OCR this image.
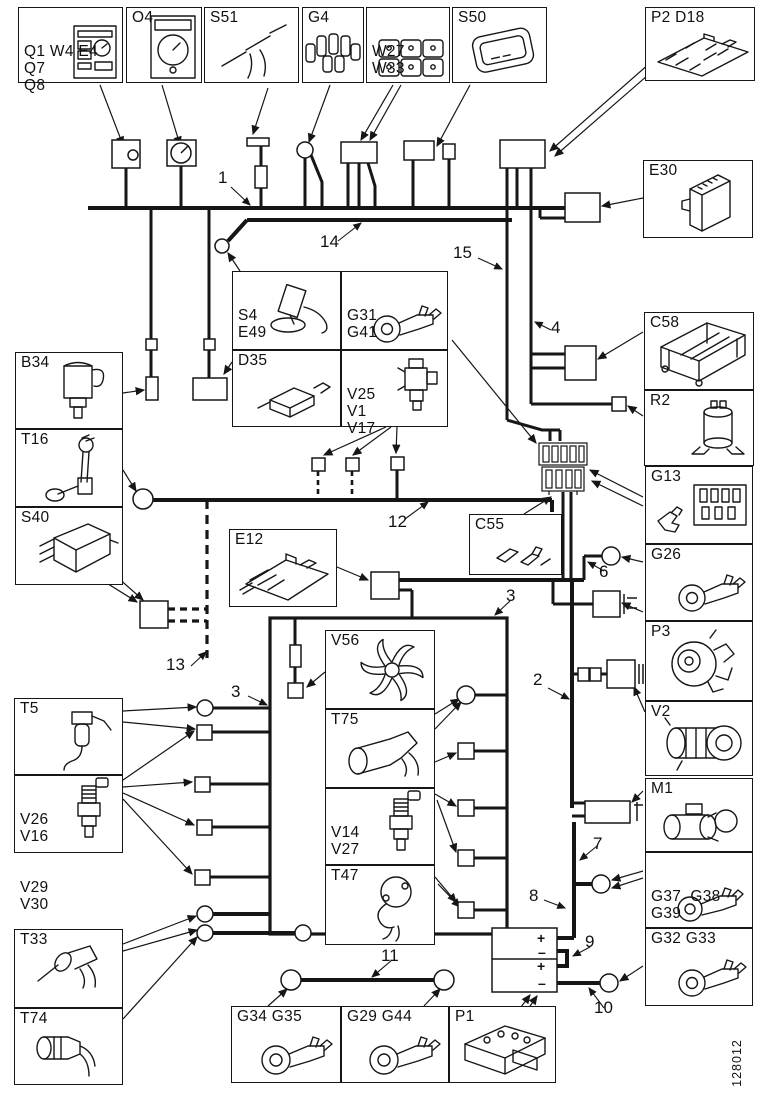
Q1 W4 E4
Q7
Q8

O4	S51	G4

W27
W33

S50	P2 D18
E30
C58
R2
G13
G26
P3
V2
M1

G37  G38
G39

G32 G33
B34
T16
S40
T5

V26
V16

V29
V30

T33
T74

S4
E49

G31
G41

D35

V25
V1
V17

E12
C55
V56
T75

V14
V27

T47
G34 G35	G29 G44	P1
1
14
15
4
12
13
3
3
2
6
7
8
9
10
11
+
–
+
–
128012
